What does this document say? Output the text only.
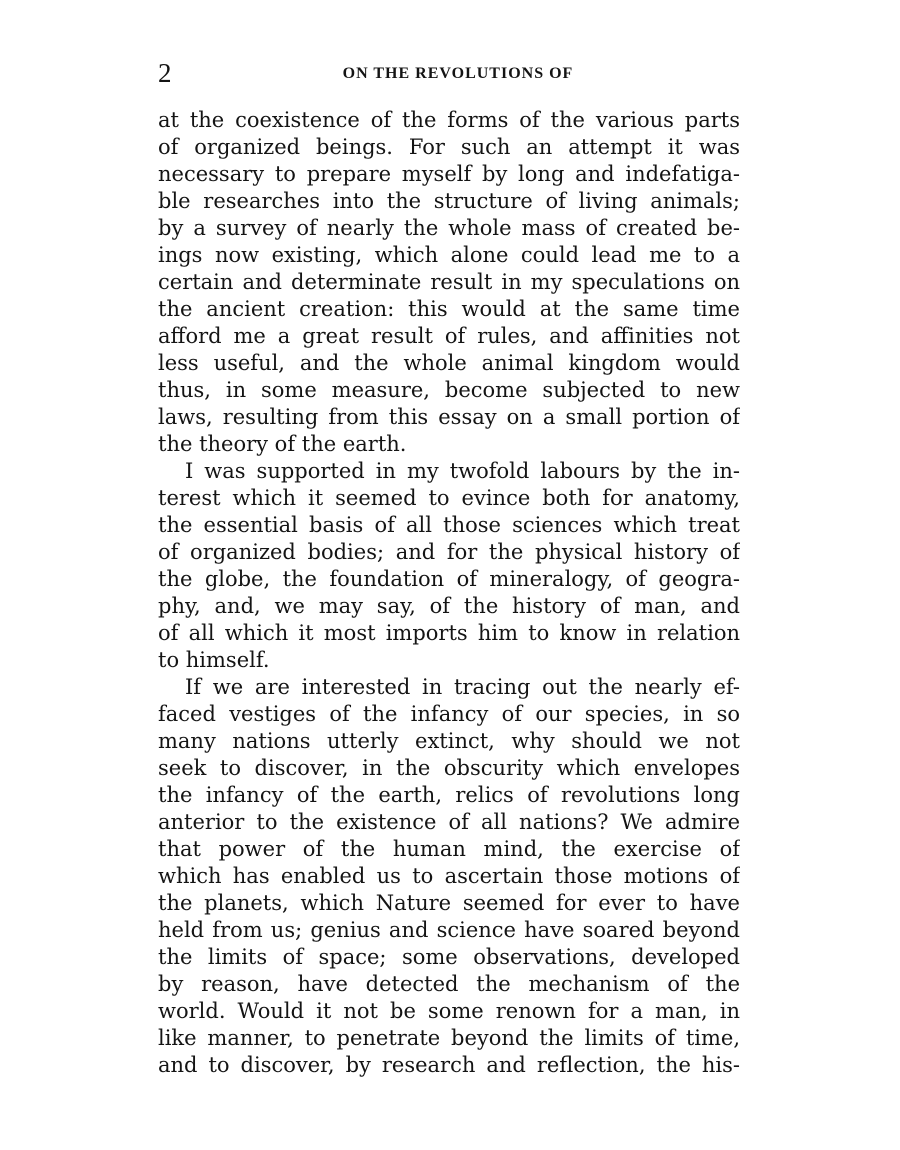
2	ON THE REVOLUTIONS OF
at the coexistence of the forms of the various parts
of organized beings. For such an attempt it was
necessary to prepare myself by long and indefatiga-
ble researches into the structure of living animals;
by a survey of nearly the whole mass of created be-
ings now existing, which alone could lead me to a
certain and determinate result in my speculations on
the ancient creation: this would at the same time
afford me a great result of rules, and affinities not
less useful, and the whole animal kingdom would
thus, in some measure, become subjected to new
laws, resulting from this essay on a small portion of
the theory of the earth.
I was supported in my twofold labours by the in-
terest which it seemed to evince both for anatomy,
the essential basis of all those sciences which treat
of organized bodies; and for the physical history of
the globe, the foundation of mineralogy, of geogra-
phy, and, we may say, of the history of man, and
of all which it most imports him to know in relation
to himself.
If we are interested in tracing out the nearly ef-
faced vestiges of the infancy of our species, in so
many nations utterly extinct, why should we not
seek to discover, in the obscurity which envelopes
the infancy of the earth, relics of revolutions long
anterior to the existence of all nations? We admire
that power of the human mind, the exercise of
which has enabled us to ascertain those motions of
the planets, which Nature seemed for ever to have
held from us; genius and science have soared beyond
the limits of space; some observations, developed
by reason, have detected the mechanism of the
world. Would it not be some renown for a man, in
like manner, to penetrate beyond the limits of time,
and to discover, by research and reflection, the his-
